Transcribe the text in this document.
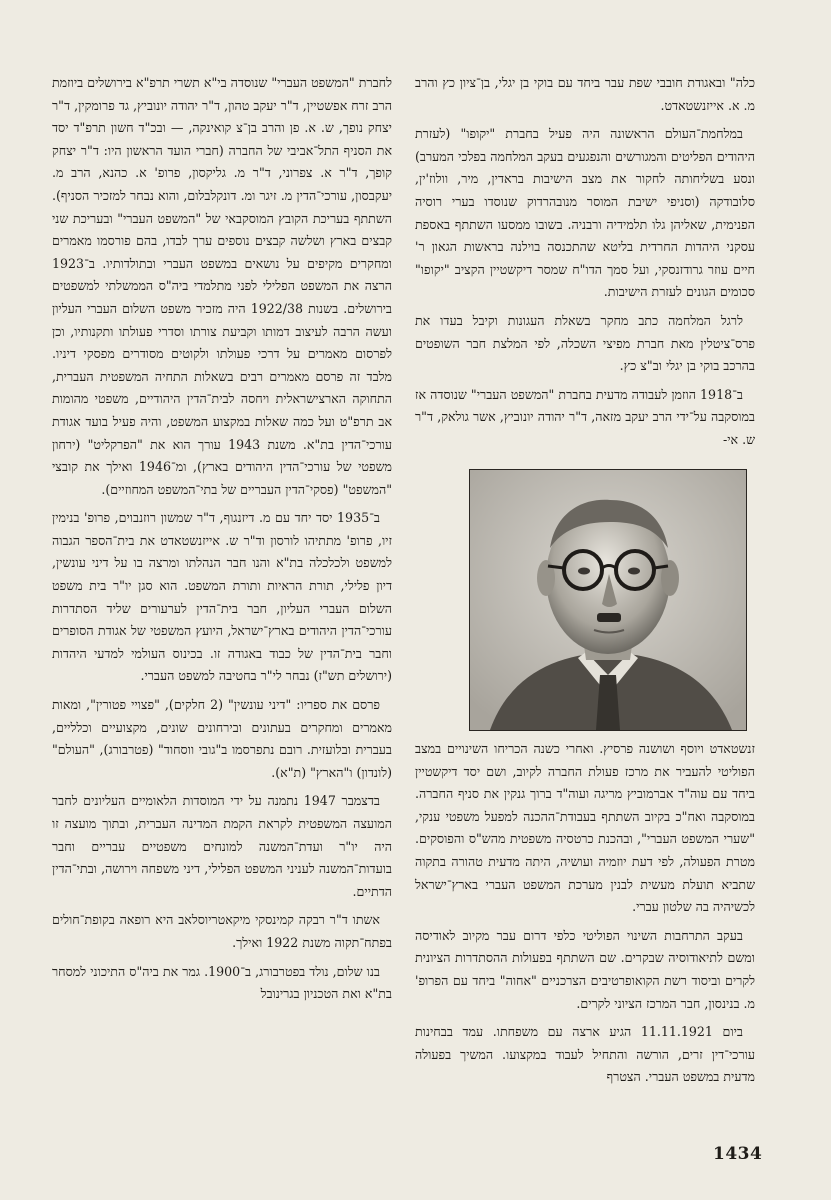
כלה" ובאגודת חובבי שפת עבר ביחד עם בוקי בן יגלי, בן־ציון כץ והרב מ. א. אייזנשטאדט.

במלחמת־העולם הראשונה היה פעיל בחברת "יקופו" (לעזרת היהודים הפליטים והמגורשים והנפגעים בעקב המלחמה בפלכי המערב) ונסע בשליחותה לחקור את מצב הישיבות בראדין, מיר, וולוז'ין, סלובודקה (וסניפי ישיבת המוסר מנובהרדוק שנוסדו בערי רוסיה הפנימית, שאליהן גלו תלמידיה ורבניה. בשובו ממסעו השתתף באספת עסקני היהדות החרדית בליטא שהתכנסה בוילנה בראשות הגאון ר' חיים עוזר גרודזנסקי, ועל סמך הדו"ח שמסר דיקשטיין הקציב "יקופו" סכומים הגונים לעזרת הישיבות.

לרגל המלחמה כתב מחקר בשאלת העגונות וקיבל בעדו את פרס־ציטלין מאת חברת מפיצי השכלה, לפי המלצת חבר השופטים בהרכב בוקי בן יגלי וב"צ כץ.

ב־1918 הוזמן לעבודה מדעית בחברת "המשפט העברי" שנוסדה אז במוסקבה על־ידי הרב יעקב מזאה, ד"ר יהודה יונוביץ, אשר גולאק, ד"ר ש. אי-

זנשטאדט ויוסף ושושנה פרסיץ. ואחרי כשנה הכריחו השינויים במצב הפוליטי להעביר את מרכז פעולת החברה לקיוב, ושם יסד דיקשטיין ביחד עם עוה"ד אברמוביץ מריגה ועוה"ד ברוך גנקין את סניף החברה. במוסקבה ואח"כ בקיוב השתתף בעבודת־ההכנה למפעל משפטי ענקי, "שערי המשפט העברי", ובהכנת כרטסיה משפטית מהש"ס והפוסקים. מטרת הפעולה, לפי דעת יוזמיה ועושיה, היתה מדעית טהורה בתקוה שתביא תועלת מעשית לבנין מערכת המשפט העברי בארץ־ישראל לכשיהיה בה שלטון עברי.

בעקב התרחבות השינוי הפוליטי כלפי דרום עבר מקיוב לאודיסה ומשם לתיאודוסיה שבקרים. שם השתתף בפעולות ההסתדרות הציונית לקרים וביסוד רשת הקואופרטיבים הצרכניים "אחוה" ביחד עם הפרופ' מ. בנינסון, חבר המרכז הציוני לקרים.

ביום 11.11.1921 הגיע ארצה עם משפחתו. עמד בבחינות עורכי־דין זרים, הורשה והתחיל לעבוד במקצועו. המשיך בפעולה מדעית במשפט העברי. הצטרף

לחברת "המשפט העברי" שנוסדה בי"א תשרי תרפ"א בירושלים ביוזמת הרב זרח אפשטיין, ד"ר יעקב טהון, ד"ר יהודה יונוביץ, גד פרומקין, ד"ר יצחק נופך, ש. א. פן והרב בן־צ קואינקה, — ובכ"ד חשון תרפ"ד יסד את הסניף התל־אביבי של החברה (חברי הועד הראשון היו: ד"ר יצחק קופך, ד"ר א. צפרוני, ד"ר מ. גליקסון, פרופ' א. כהנא, הרב מ. יעקבסון, עורכי־הדין מ. זיגר ומ. דונקלבלום, והוא נבחר למזכיר הסניף). השתתף בעריכת הקובץ המוסקבאי של "המשפט העברי" ובעריכת שני קבצים בארץ ושלשה קבצים נוספים ערך לבדו, בהם פורסמו מאמרים ומחקרים מקיפים על נושאים במשפט העברי ובתולדותיו. ב־1923 הרצה את המשפט הפלילי לפני מתלמדי ביה"ס הממשלתי למשפטים בירושלים. בשנות 1922/38 היה מזכיר משפט השלום העברי העליון ועשה הרבה לעיצוב דמותו וקביעת צורתו וסדרי פעולתו ותקנותיו, וכן לפרסום מאמרים על דרכי פעולתו ולקוטים מסודרים מפסקי דיניו. מלבד זה פרסם מאמרים רבים בשאלות התחיה המשפטית העברית, התחוקה הארצישראלית ויחסה לבית־הדין היהודיים, משפטי מהומות אב תרפ"ט ועל כמה שאלות במקצוע המשפט, והיה פעיל בועד אגודת עורכי־הדין בת"א. משנת 1943 עורך הוא את "הפרקליט" (ירחון משפטי של עורכי־הדין היהודים בארץ), ומ־1946 ואילך את קובצי "המשפט" (פסקי־הדין העבריים של בתי־המשפט המחוזיים).

ב־1935 יסד יחד עם מ. דיזנגוף, ד"ר שמשון רוזנבוים, פרופ' בנימין זיו, פרופ' מתתיהו לורסון וד"ר ש. אייזנשטאדט את בית־הספר הגבוה למשפט ולכלכלה בת"א והנו חבר הנהלתו ומרצה בו על דיני עונשין, דיון פלילי, תורת הראיות ותורת המשפט. הוא סגן יו"ר בית משפט השלום העברי העליון, חבר בית־הדין לערעורים שליד הסתדרות עורכי־הדין היהודים בארץ־ישראל, היועץ המשפטי של אגודת הסופרים וחבר בית־הדין של כבוד באגודה זו. בכינוס העולמי למדעי היהדות (ירושלים תש"ז) נבחר לי"ר בחטיבה למשפט העברי.

פרסם את ספריו: "דיני עונשין" (2 חלקים), "פצויי פטורין", ומאות מאמרים ומחקרים בעתונים ובירחונים שונים, מקצועיים וכלליים, בעברית ובלועזית. רובם נתפרסמו ב"גובי ווסחוד" (פטרבורג), "העולם" (לונדון) ו"הארץ" (ת"א).

בדצמבר 1947 נתמנה על ידי המוסדות הלאומיים העליונים לחבר המועצה המשפטית לקראת הקמת המדינה העברית, ובתוך מועצה זו היה יו"ר ועדת־המשנה למונחים משפטיים עבריים וחבר בועדות־המשנה לעניני המשפט הפלילי, דיני משפחה וירושה, ובתי־הדין הדתיים.

אשתו ד"ר רבקה קמינסקי מיקאטריוסלאב היא רופאה בקופת־חולים בפתח־תקוה משנת 1922 ואילך.

בנו שלום, נולד בפטרבורג, ב־1900. גמר את ביה"ס התיכוני למסחר בת"א ואת הטכניון בגרינובל

1434
